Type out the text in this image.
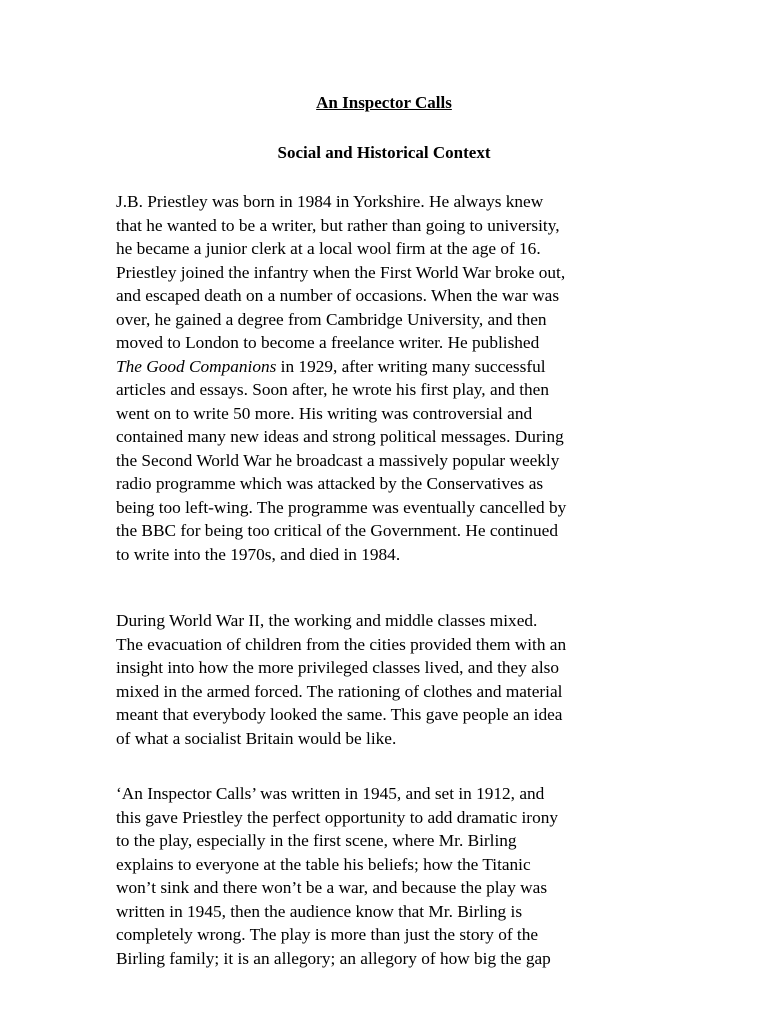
An Inspector Calls
Social and Historical Context
J.B. Priestley was born in 1984 in Yorkshire. He always knew
that he wanted to be a writer, but rather than going to university,
he became a junior clerk at a local wool firm at the age of 16.
Priestley joined the infantry when the First World War broke out,
and escaped death on a number of occasions. When the war was
over, he gained a degree from Cambridge University, and then
moved to London to become a freelance writer. He published
The Good Companions in 1929, after writing many successful
articles and essays. Soon after, he wrote his first play, and then
went on to write 50 more. His writing was controversial and
contained many new ideas and strong political messages. During
the Second World War he broadcast a massively popular weekly
radio programme which was attacked by the Conservatives as
being too left-wing. The programme was eventually cancelled by
the BBC for being too critical of the Government. He continued
to write into the 1970s, and died in 1984.
During World War II, the working and middle classes mixed.
The evacuation of children from the cities provided them with an
insight into how the more privileged classes lived, and they also
mixed in the armed forced. The rationing of clothes and material
meant that everybody looked the same. This gave people an idea
of what a socialist Britain would be like.
‘An Inspector Calls’ was written in 1945, and set in 1912, and
this gave Priestley the perfect opportunity to add dramatic irony
to the play, especially in the first scene, where Mr. Birling
explains to everyone at the table his beliefs; how the Titanic
won’t sink and there won’t be a war, and because the play was
written in 1945, then the audience know that Mr. Birling is
completely wrong. The play is more than just the story of the
Birling family; it is an allegory; an allegory of how big the gap
